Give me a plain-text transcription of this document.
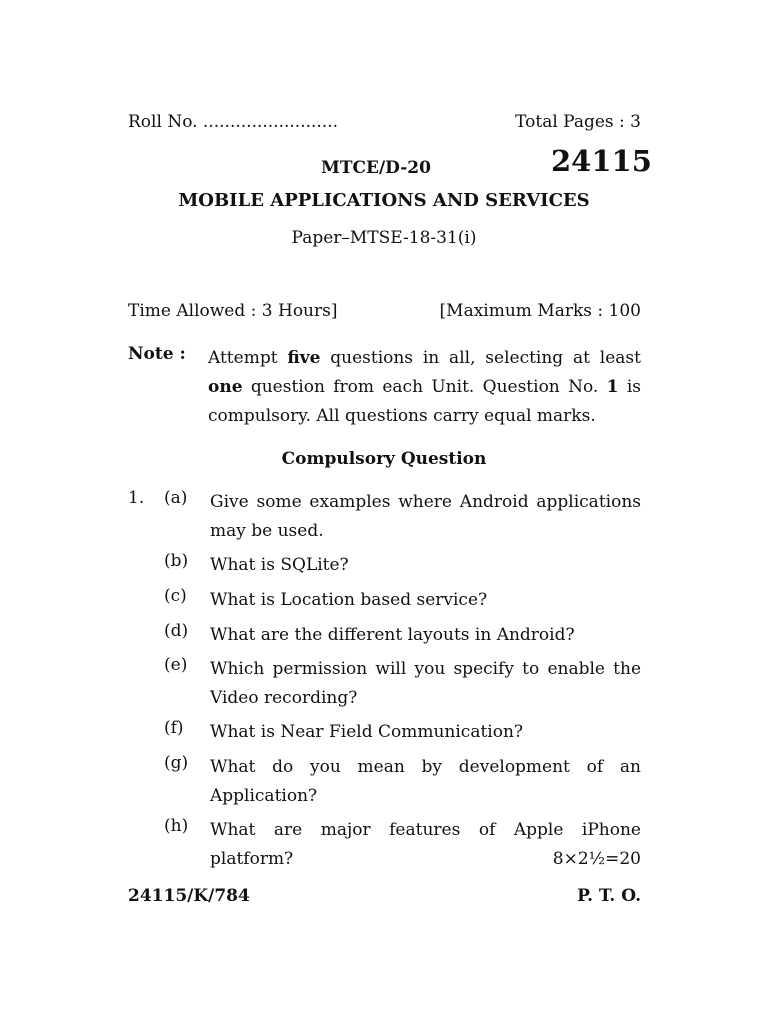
Roll No. .........................	Total Pages : 3
MTCE/D-20	24115
MOBILE APPLICATIONS AND SERVICES
Paper–MTSE-18-31(i)
Time Allowed : 3 Hours]	[Maximum Marks : 100
Note : Attempt five questions in all, selecting at least one question from each Unit. Question No. 1 is compulsory. All questions carry equal marks.
Compulsory Question
1. (a) Give some examples where Android applications may be used.
(b) What is SQLite?
(c) What is Location based service?
(d) What are the different layouts in Android?
(e) Which permission will you specify to enable the Video recording?
(f) What is Near Field Communication?
(g) What do you mean by development of an Application?
(h) What are major features of Apple iPhone
platform?	8×2½=20
24115/K/784	P. T. O.
